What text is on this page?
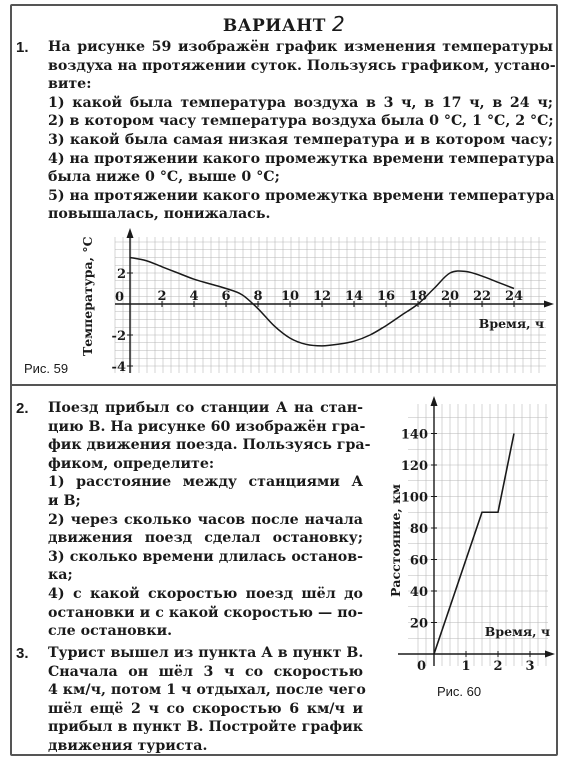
ВАРИАНТ 2
1. На рисунке 59 изображён график изменения температуры
воздуха на протяжении суток. Пользуясь графиком, устано-
вите:
1) какой была температура воздуха в 3 ч, в 17 ч, в 24 ч;
2) в котором часу температура воздуха была 0 °С, 1 °С, 2 °С;
3) какой была самая низкая температура и в котором часу;
4) на протяжении какого промежутка времени температура
была ниже 0 °С, выше 0 °С;
5) на протяжении какого промежутка времени температура
повышалась, понижалась.
2 4 6 8 10 12 14 16 18 20 22 24
-4
-2
2
0
Температура, °С	Время, ч
Рис. 59
2. Поезд прибыл со станции А на стан-
цию В. На рисунке 60 изображён гра-
фик движения поезда. Пользуясь гра-
фиком, определите:
1) расстояние между станциями А
и В;
2) через сколько часов после начала
движения поезд сделал остановку;
3) сколько времени длилась останов-
ка;
4) с какой скоростью поезд шёл до
остановки и с какой скоростью — по-
сле остановки.
3. Турист вышел из пункта А в пункт В.
Сначала он шёл 3 ч со скоростью
4 км/ч, потом 1 ч отдыхал, после чего
шёл ещё 2 ч со скоростью 6 км/ч и
прибыл в пункт В. Постройте график
движения туриста.
1 2 3
20
40
60
80
100
120
140
0
Расстояние, км
Время, ч
Рис. 60
